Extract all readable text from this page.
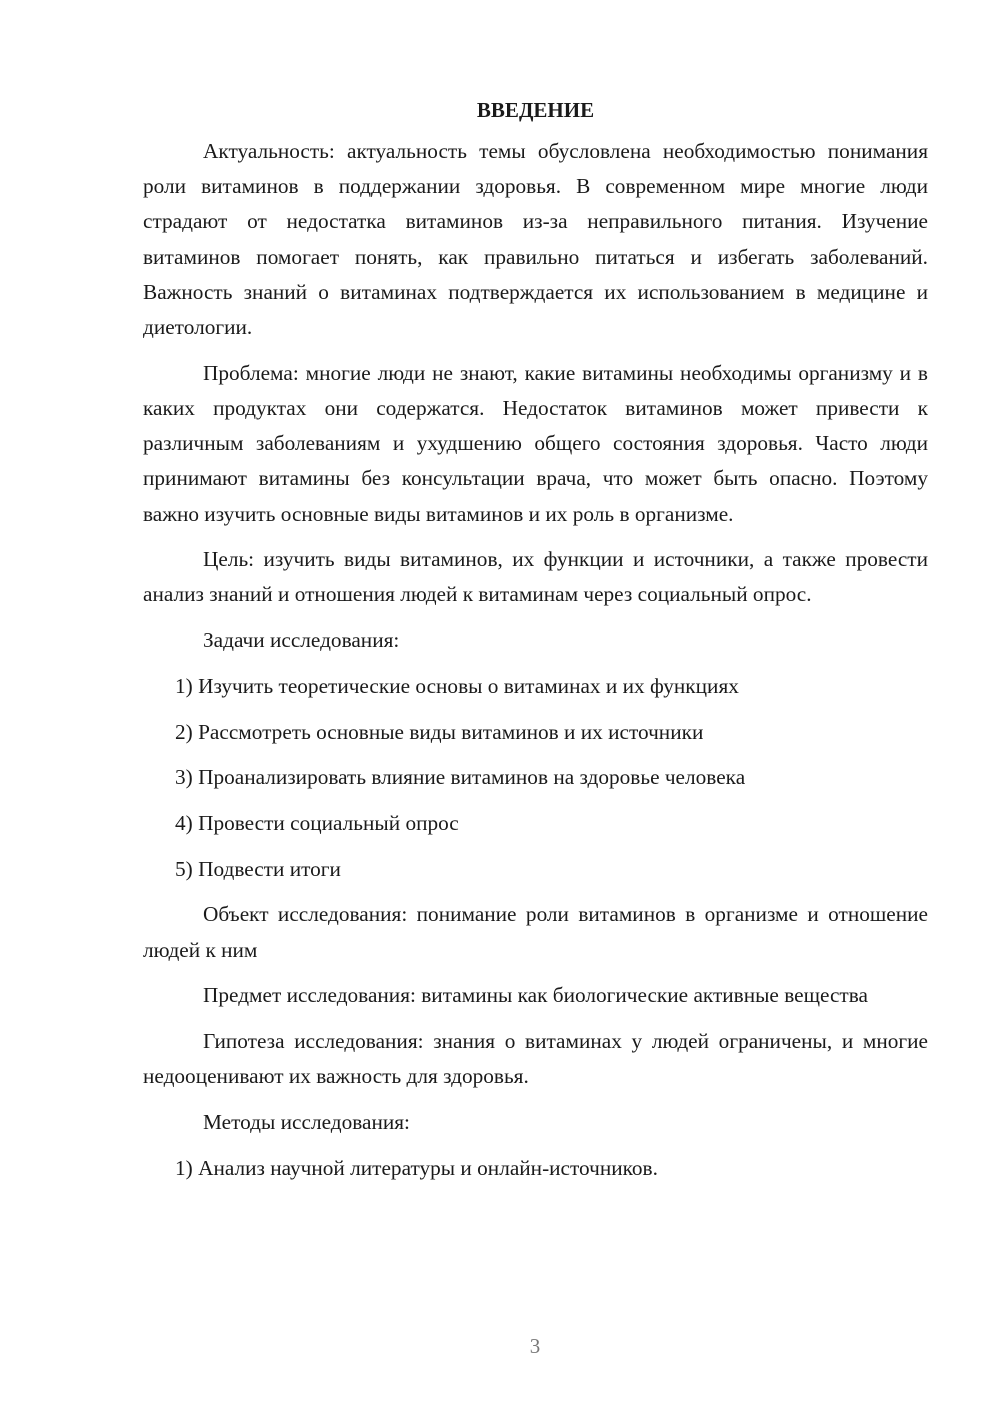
ВВЕДЕНИЕ

Актуальность: актуальность темы обусловлена необходимостью понимания роли витаминов в поддержании здоровья. В современном мире многие люди страдают от недостатка витаминов из-за неправильного питания. Изучение витаминов помогает понять, как правильно питаться и избегать заболеваний. Важность знаний о витаминах подтверждается их использованием в медицине и диетологии.

Проблема: многие люди не знают, какие витамины необходимы организму и в каких продуктах они содержатся. Недостаток витаминов может привести к различным заболеваниям и ухудшению общего состояния здоровья. Часто люди принимают витамины без консультации врача, что может быть опасно. Поэтому важно изучить основные виды витаминов и их роль в организме.

Цель: изучить виды витаминов, их функции и источники, а также провести анализ знаний и отношения людей к витаминам через социальный опрос.

Задачи исследования:

1) Изучить теоретические основы о витаминах и их функциях

2) Рассмотреть основные виды витаминов и их источники

3) Проанализировать влияние витаминов на здоровье человека

4) Провести социальный опрос

5) Подвести итоги

Объект исследования: понимание роли витаминов в организме и отношение людей к ним

Предмет исследования: витамины как биологические активные вещества

Гипотеза исследования: знания о витаминах у людей ограничены, и многие недооценивают их важность для здоровья.

Методы исследования:

1) Анализ научной литературы и онлайн-источников.

3
